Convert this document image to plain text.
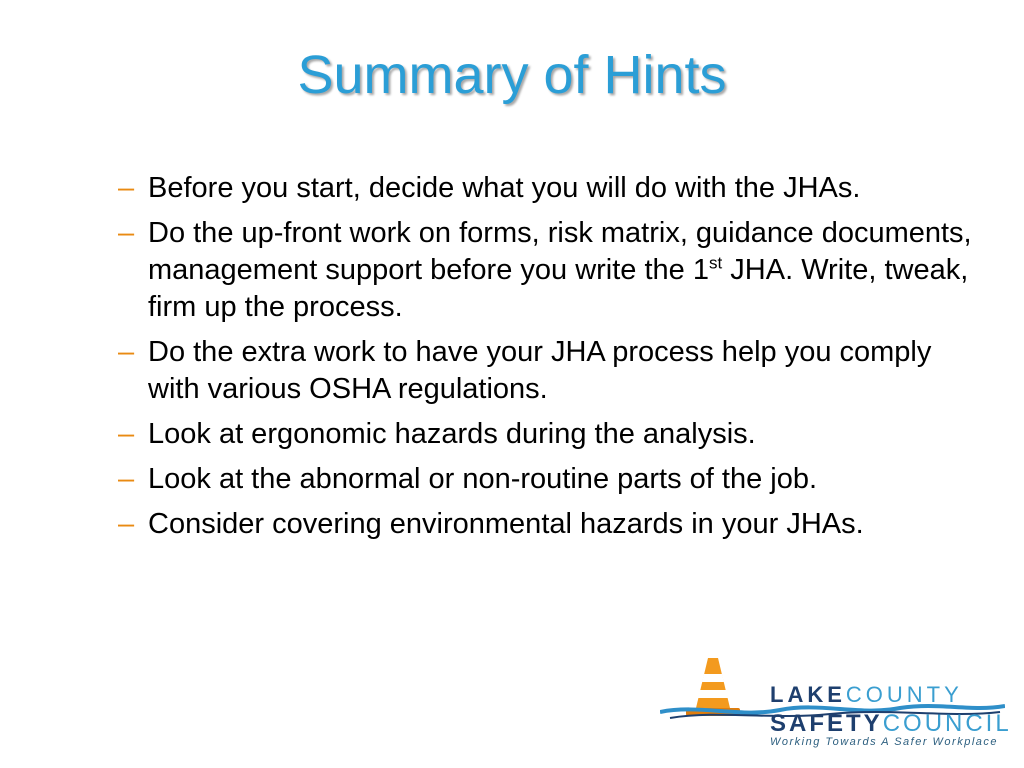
Summary of Hints
– Before you start, decide what you will do with the JHAs.
– Do the up-front work on forms, risk matrix, guidance documents, management support before you write the 1st JHA. Write, tweak, firm up the process.
– Do the extra work to have your JHA process help you comply with various OSHA regulations.
– Look at ergonomic hazards during the analysis.
– Look at the abnormal or non-routine parts of the job.
– Consider covering environmental hazards in your JHAs.
LAKECOUNTY
SAFETYCOUNCIL
Working Towards A Safer Workplace
